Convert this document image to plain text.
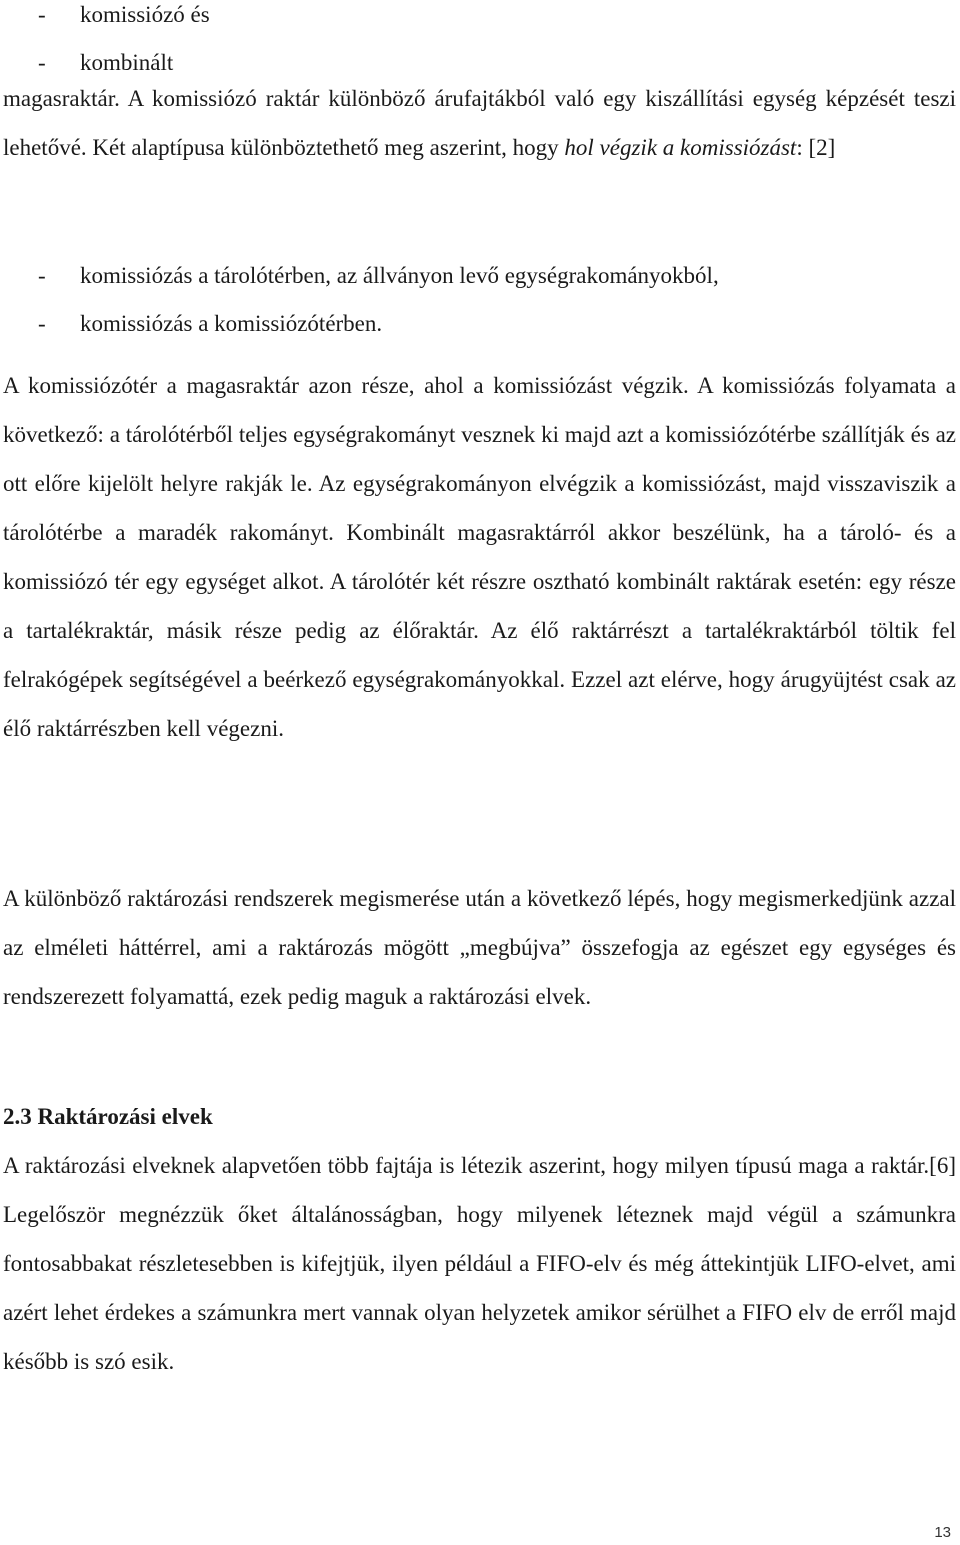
- komissiózó és
- kombinált

magasraktár. A komissiózó raktár különböző árufajtákból való egy kiszállítási egység képzését teszi lehetővé. Két alaptípusa különböztethető meg aszerint, hogy hol végzik a komissiózást: [2]

- komissiózás a tárolótérben, az állványon levő egységrakományokból,
- komissiózás a komissiózótérben.

A komissiózótér a magasraktár azon része, ahol a komissiózást végzik. A komissiózás folyamata a következő: a tárolótérből teljes egységrakományt vesznek ki majd azt a komissiózótérbe szállítják és az ott előre kijelölt helyre rakják le. Az egységrakományon elvégzik a komissiózást, majd visszaviszik a tárolótérbe a maradék rakományt. Kombinált magasraktárról akkor beszélünk, ha a tároló- és a komissiózó tér egy egységet alkot. A tárolótér két részre osztható kombinált raktárak esetén: egy része a tartalékraktár, másik része pedig az élőraktár. Az élő raktárrészt a tartalékraktárból töltik fel felrakógépek segítségével a beérkező egységrakományokkal. Ezzel azt elérve, hogy árugyüjtést csak az élő raktárrészben kell végezni.

A különböző raktározási rendszerek megismerése után a következő lépés, hogy megismerkedjünk azzal az elméleti háttérrel, ami a raktározás mögött „megbújva” összefogja az egészet egy egységes és rendszerezett folyamattá, ezek pedig maguk a raktározási elvek.

2.3 Raktározási elvek

A raktározási elveknek alapvetően több fajtája is létezik aszerint, hogy milyen típusú maga a raktár.[6] Legelőször megnézzük őket általánosságban, hogy milyenek léteznek majd végül a számunkra fontosabbakat részletesebben is kifejtjük, ilyen például a FIFO-elv és még áttekintjük LIFO-elvet, ami azért lehet érdekes a számunkra mert vannak olyan helyzetek amikor sérülhet a FIFO elv de erről majd később is szó esik.

13
